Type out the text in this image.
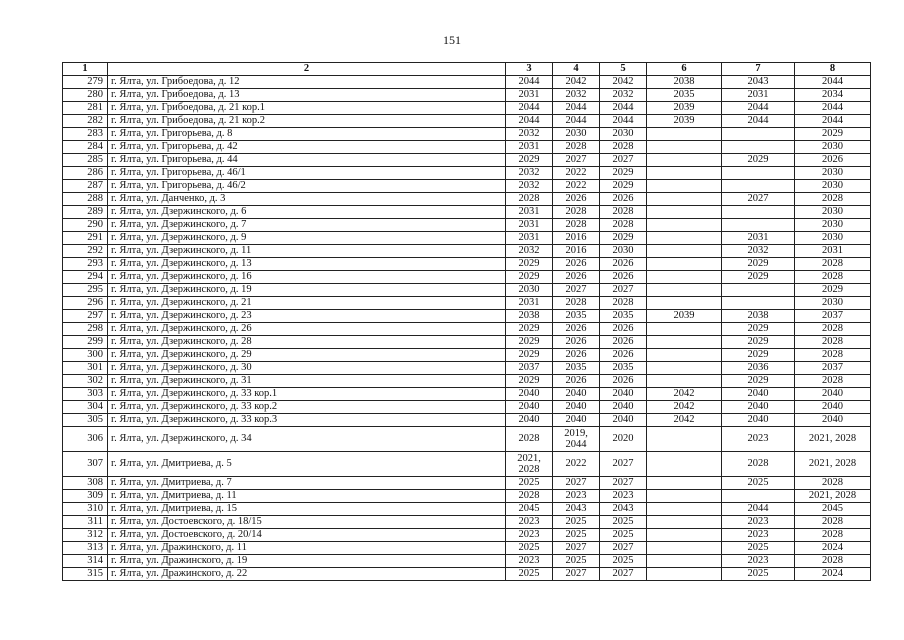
151
1	2	3	4	5	6	7	8
279	г. Ялта, ул. Грибоедова, д. 12	2044	2042	2042	2038	2043	2044
280	г. Ялта, ул. Грибоедова, д. 13	2031	2032	2032	2035	2031	2034
281	г. Ялта, ул. Грибоедова, д. 21 кор.1	2044	2044	2044	2039	2044	2044
282	г. Ялта, ул. Грибоедова, д. 21 кор.2	2044	2044	2044	2039	2044	2044
283	г. Ялта, ул. Григорьева, д. 8	2032	2030	2030			2029
284	г. Ялта, ул. Григорьева, д. 42	2031	2028	2028			2030
285	г. Ялта, ул. Григорьева, д. 44	2029	2027	2027		2029	2026
286	г. Ялта, ул. Григорьева, д. 46/1	2032	2022	2029			2030
287	г. Ялта, ул. Григорьева, д. 46/2	2032	2022	2029			2030
288	г. Ялта, ул. Данченко, д. 3	2028	2026	2026		2027	2028
289	г. Ялта, ул. Дзержинского, д. 6	2031	2028	2028			2030
290	г. Ялта, ул. Дзержинского, д. 7	2031	2028	2028			2030
291	г. Ялта, ул. Дзержинского, д. 9	2031	2016	2029		2031	2030
292	г. Ялта, ул. Дзержинского, д. 11	2032	2016	2030		2032	2031
293	г. Ялта, ул. Дзержинского, д. 13	2029	2026	2026		2029	2028
294	г. Ялта, ул. Дзержинского, д. 16	2029	2026	2026		2029	2028
295	г. Ялта, ул. Дзержинского, д. 19	2030	2027	2027			2029
296	г. Ялта, ул. Дзержинского, д. 21	2031	2028	2028			2030
297	г. Ялта, ул. Дзержинского, д. 23	2038	2035	2035	2039	2038	2037
298	г. Ялта, ул. Дзержинского, д. 26	2029	2026	2026		2029	2028
299	г. Ялта, ул. Дзержинского, д. 28	2029	2026	2026		2029	2028
300	г. Ялта, ул. Дзержинского, д. 29	2029	2026	2026		2029	2028
301	г. Ялта, ул. Дзержинского, д. 30	2037	2035	2035		2036	2037
302	г. Ялта, ул. Дзержинского, д. 31	2029	2026	2026		2029	2028
303	г. Ялта, ул. Дзержинского, д. 33 кор.1	2040	2040	2040	2042	2040	2040
304	г. Ялта, ул. Дзержинского, д. 33 кор.2	2040	2040	2040	2042	2040	2040
305	г. Ялта, ул. Дзержинского, д. 33 кор.3	2040	2040	2040	2042	2040	2040
306	г. Ялта, ул. Дзержинского, д. 34	2028	2019, 2044	2020		2023	2021, 2028
307	г. Ялта, ул. Дмитриева, д. 5	2021, 2028	2022	2027		2028	2021, 2028
308	г. Ялта, ул. Дмитриева, д. 7	2025	2027	2027		2025	2028
309	г. Ялта, ул. Дмитриева, д. 11	2028	2023	2023			2021, 2028
310	г. Ялта, ул. Дмитриева, д. 15	2045	2043	2043		2044	2045
311	г. Ялта, ул. Достоевского, д. 18/15	2023	2025	2025		2023	2028
312	г. Ялта, ул. Достоевского, д. 20/14	2023	2025	2025		2023	2028
313	г. Ялта, ул. Дражинского, д. 11	2025	2027	2027		2025	2024
314	г. Ялта, ул. Дражинского, д. 19	2023	2025	2025		2023	2028
315	г. Ялта, ул. Дражинского, д. 22	2025	2027	2027		2025	2024
